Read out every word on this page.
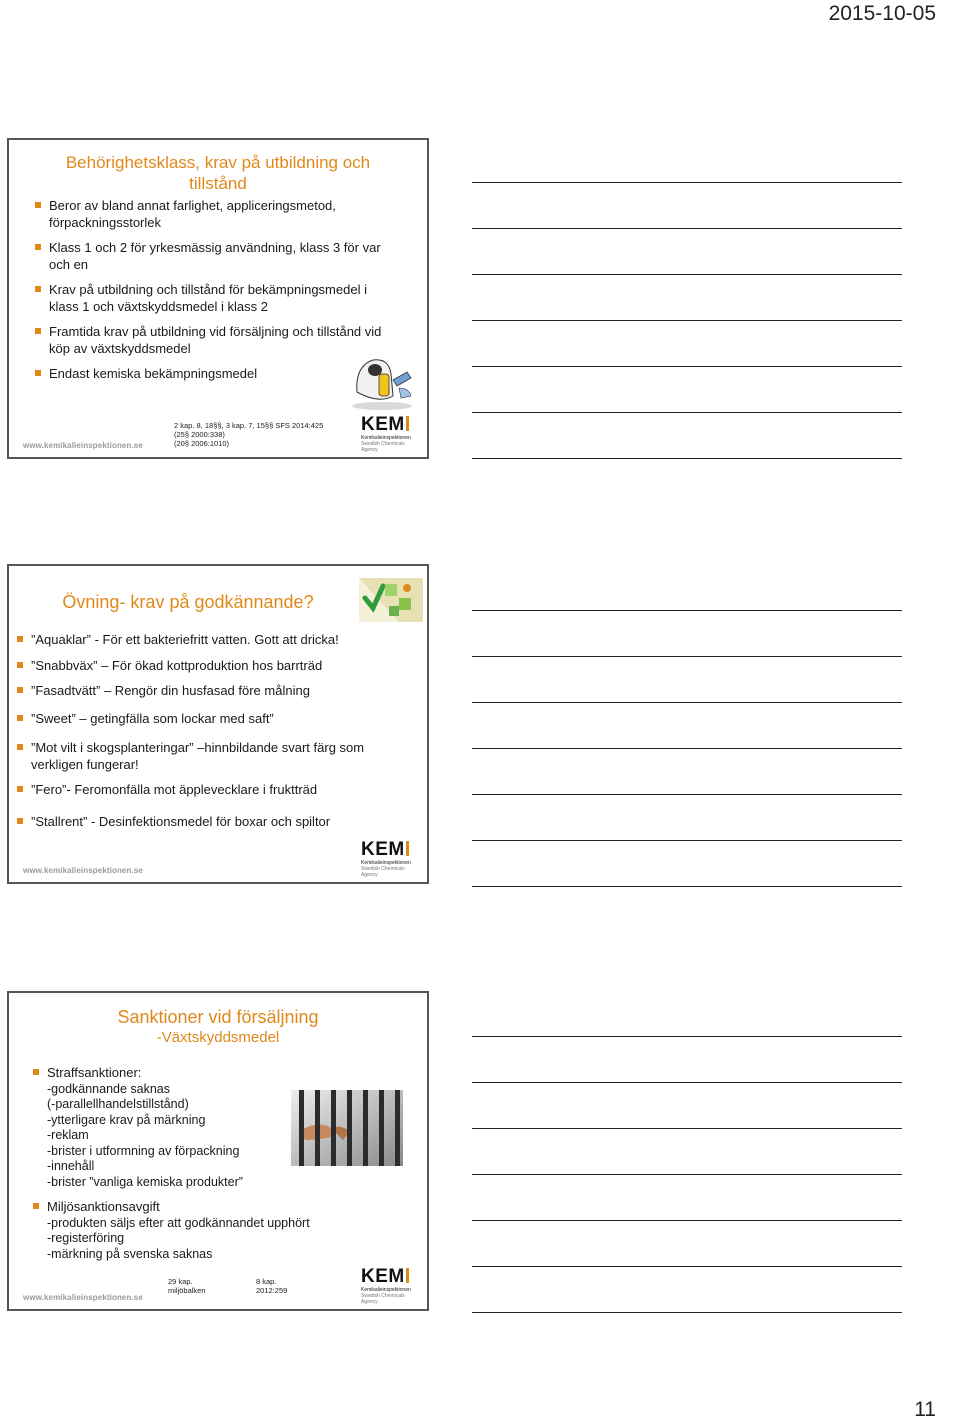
2015-10-05
Behörighetsklass, krav på utbildning och
tillstånd
Beror av bland annat farlighet, appliceringsmetod, förpackningsstorlek
Klass 1 och 2 för yrkesmässig användning, klass 3 för var och en
Krav på utbildning och tillstånd för bekämpningsmedel i klass 1 och växtskyddsmedel i klass 2
Framtida krav på utbildning vid försäljning och tillstånd vid köp av växtskyddsmedel
Endast kemiska bekämpningsmedel
2 kap. 8, 18§§, 3 kap. 7, 15§§ SFS 2014:425
(25§ 2000:338)
(20§ 2006:1010)
www.kemikalieinspektionen.se
KEM
Kemikalieinspektionen
Swedish Chemicals Agency
Övning- krav på godkännande?
”Aquaklar” - För ett bakteriefritt vatten. Gott att dricka!
”Snabbväx” – För ökad kottproduktion hos barrträd
”Fasadtvätt” – Rengör din husfasad före målning
”Sweet” – getingfälla som lockar med saft”
”Mot vilt i skogsplanteringar” –hinnbildande svart färg som verkligen fungerar!
”Fero”- Feromonfälla mot äpplevecklare i fruktträd
”Stallrent” - Desinfektionsmedel för boxar och spiltor
www.kemikalieinspektionen.se
KEM
Kemikalieinspektionen
Swedish Chemicals Agency
Sanktioner vid försäljning
-Växtskyddsmedel
Straffsanktioner:
-godkännande saknas
(-parallellhandelstillstånd)
-ytterligare krav på märkning
-reklam
-brister i utformning av förpackning
-innehåll
-brister ”vanliga kemiska produkter”
Miljösanktionsavgift
-produkten säljs efter att godkännandet upphört
-registerföring
-märkning på svenska saknas
29 kap.
miljöbalken
8 kap.
2012:259
www.kemikalieinspektionen.se
KEM
Kemikalieinspektionen
Swedish Chemicals Agency
11
